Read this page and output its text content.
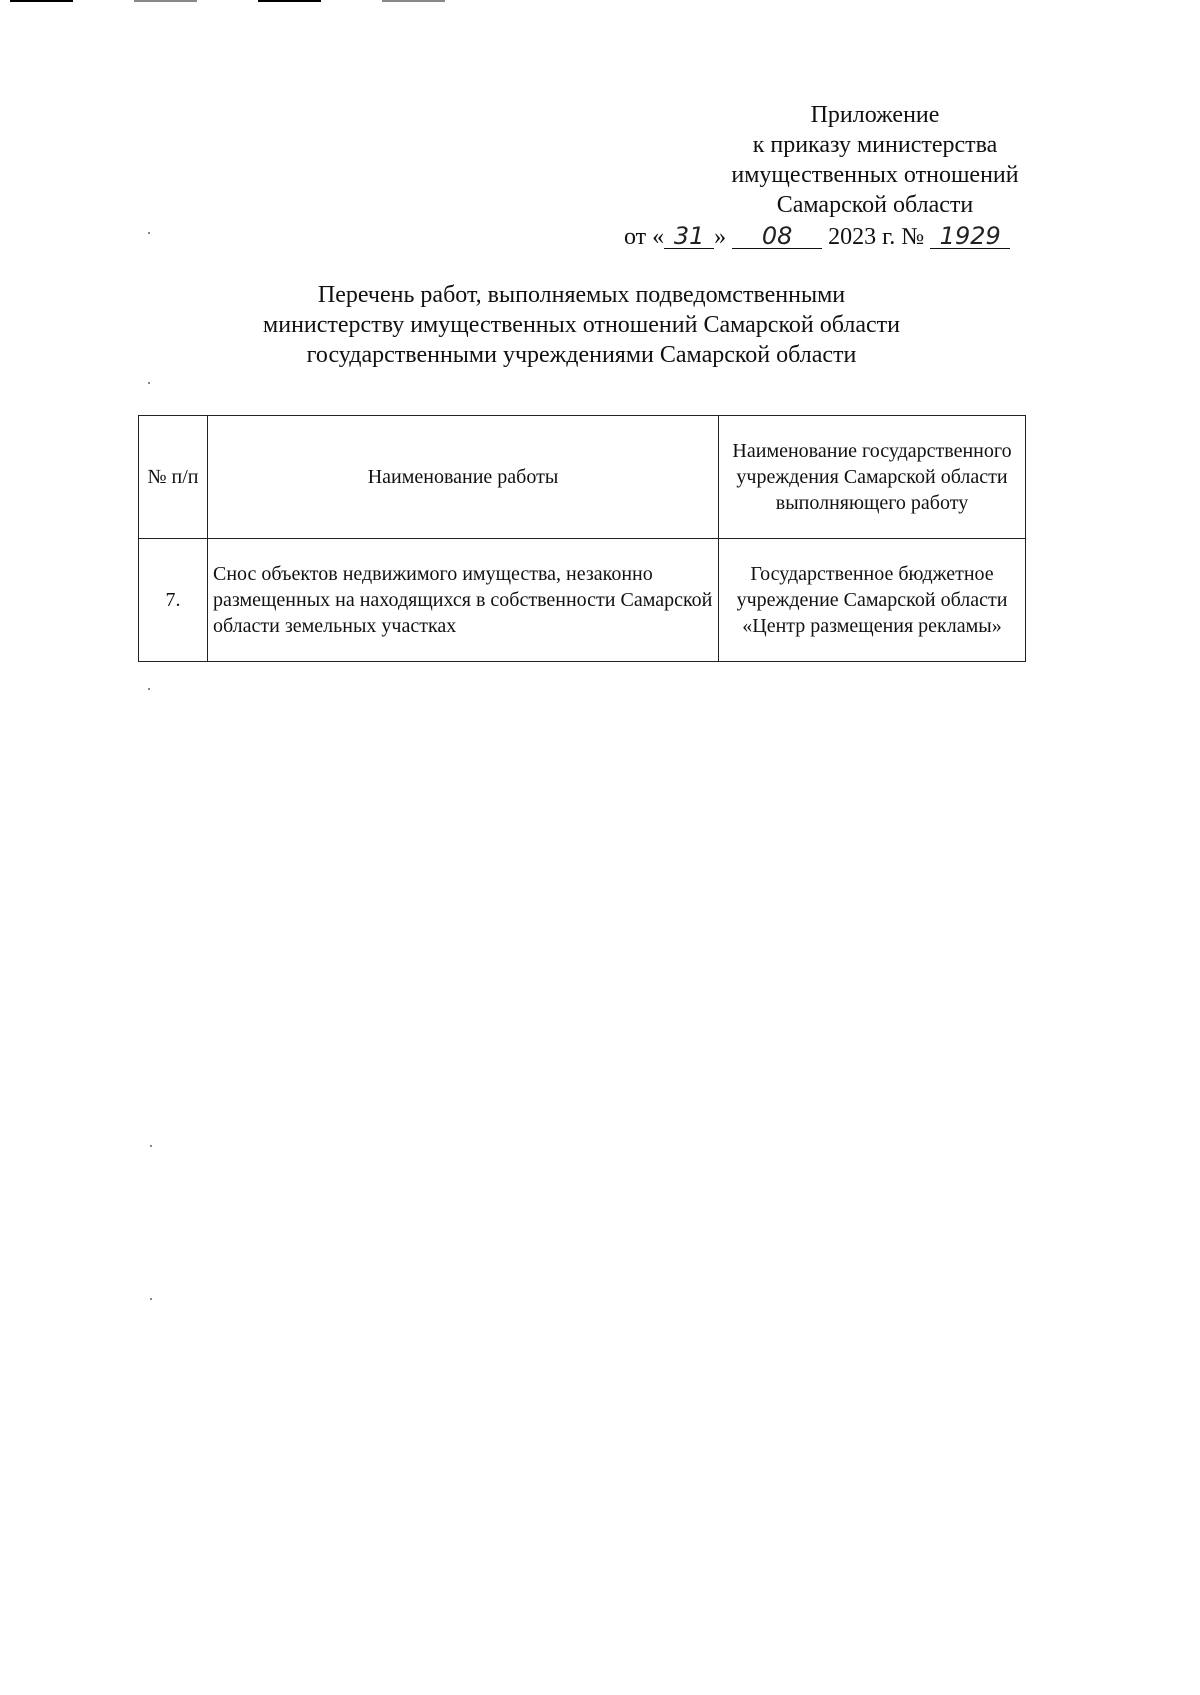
Приложение
к приказу министерства
имущественных отношений
Самарской области
от « 31 » 08 2023 г. № 1929
Перечень работ, выполняемых подведомственными
министерству имущественных отношений Самарской области
государственными учреждениями Самарской области
№ п/п	Наименование работы	Наименование государственного учреждения Самарской области выполняющего работу
7.	Снос объектов недвижимого имущества, незаконно размещенных на находящихся в собственности Самарской области земельных участках	Государственное бюджетное учреждение Самарской области «Центр размещения рекламы»
